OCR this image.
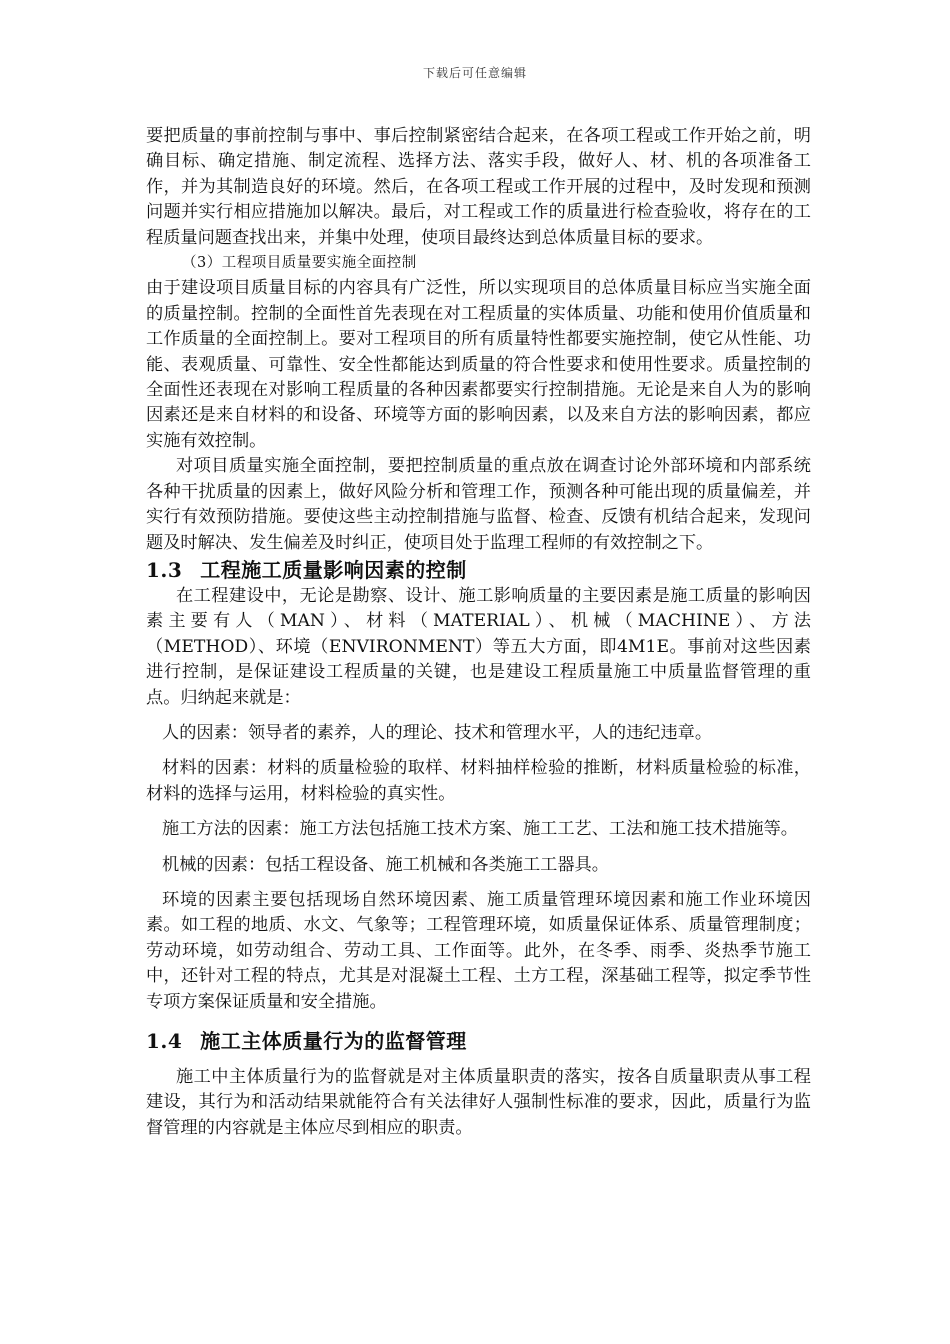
下载后可任意编辑

要把质量的事前控制与事中、事后控制紧密结合起来，在各项工程或工作开始之前，明确目标、确定措施、制定流程、选择方法、落实手段，做好人、材、机的各项准备工作，并为其制造良好的环境。然后，在各项工程或工作开展的过程中，及时发现和预测问题并实行相应措施加以解决。最后，对工程或工作的质量进行检查验收，将存在的工程质量问题查找出来，并集中处理，使项目最终达到总体质量目标的要求。

（3）工程项目质量要实施全面控制

由于建设项目质量目标的内容具有广泛性，所以实现项目的总体质量目标应当实施全面的质量控制。控制的全面性首先表现在对工程质量的实体质量、功能和使用价值质量和工作质量的全面控制上。要对工程项目的所有质量特性都要实施控制，使它从性能、功能、表观质量、可靠性、安全性都能达到质量的符合性要求和使用性要求。质量控制的全面性还表现在对影响工程质量的各种因素都要实行控制措施。无论是来自人为的影响因素还是来自材料的和设备、环境等方面的影响因素，以及来自方法的影响因素，都应实施有效控制。

对项目质量实施全面控制，要把控制质量的重点放在调查讨论外部环境和内部系统各种干扰质量的因素上，做好风险分析和管理工作，预测各种可能出现的质量偏差，并实行有效预防措施。要使这些主动控制措施与监督、检查、反馈有机结合起来，发现问题及时解决、发生偏差及时纠正，使项目处于监理工程师的有效控制之下。

1.3 工程施工质量影响因素的控制

在工程建设中，无论是勘察、设计、施工影响质量的主要因素是施工质量的影响因素主要有人（MAN）、材料（MATERIAL）、机械（MACHINE）、方法（METHOD）、环境（ENVIRONMENT）等五大方面，即4M1E。事前对这些因素进行控制，是保证建设工程质量的关键，也是建设工程质量施工中质量监督管理的重点。归纳起来就是：

人的因素：领导者的素养，人的理论、技术和管理水平，人的违纪违章。

材料的因素：材料的质量检验的取样、材料抽样检验的推断，材料质量检验的标准，材料的选择与运用，材料检验的真实性。

施工方法的因素：施工方法包括施工技术方案、施工工艺、工法和施工技术措施等。

机械的因素：包括工程设备、施工机械和各类施工工器具。

环境的因素主要包括现场自然环境因素、施工质量管理环境因素和施工作业环境因素。如工程的地质、水文、气象等；工程管理环境，如质量保证体系、质量管理制度；劳动环境，如劳动组合、劳动工具、工作面等。此外，在冬季、雨季、炎热季节施工中，还针对工程的特点，尤其是对混凝土工程、土方工程，深基础工程等，拟定季节性专项方案保证质量和安全措施。

1.4 施工主体质量行为的监督管理

施工中主体质量行为的监督就是对主体质量职责的落实，按各自质量职责从事工程建设，其行为和活动结果就能符合有关法律好人强制性标准的要求，因此，质量行为监督管理的内容就是主体应尽到相应的职责。
